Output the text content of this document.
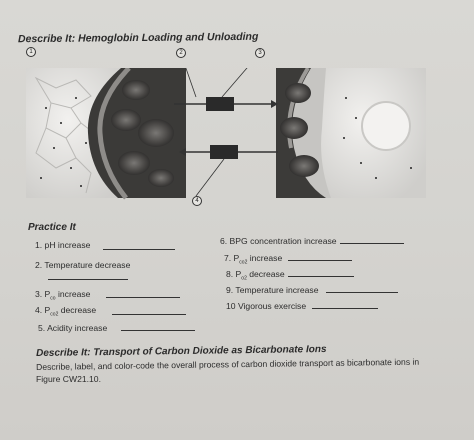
Describe It: Hemoglobin Loading and Unloading
1	2	3
4
Practice It
1. pH increase
2. Temperature decrease
3. $P_{co}$ increase
4. $P_{co2}$ decrease
5. Acidity increase
6. BPG concentration increase
7. $P_{co2}$ increase
8. $P_{o2}$ decrease
9. Temperature increase
10 Vigorous exercise
Describe It: Transport of Carbon Dioxide as Bicarbonate Ions
Describe, label, and color-code the overall process of carbon dioxide transport as bicarbonate ions in
Figure CW21.10.
